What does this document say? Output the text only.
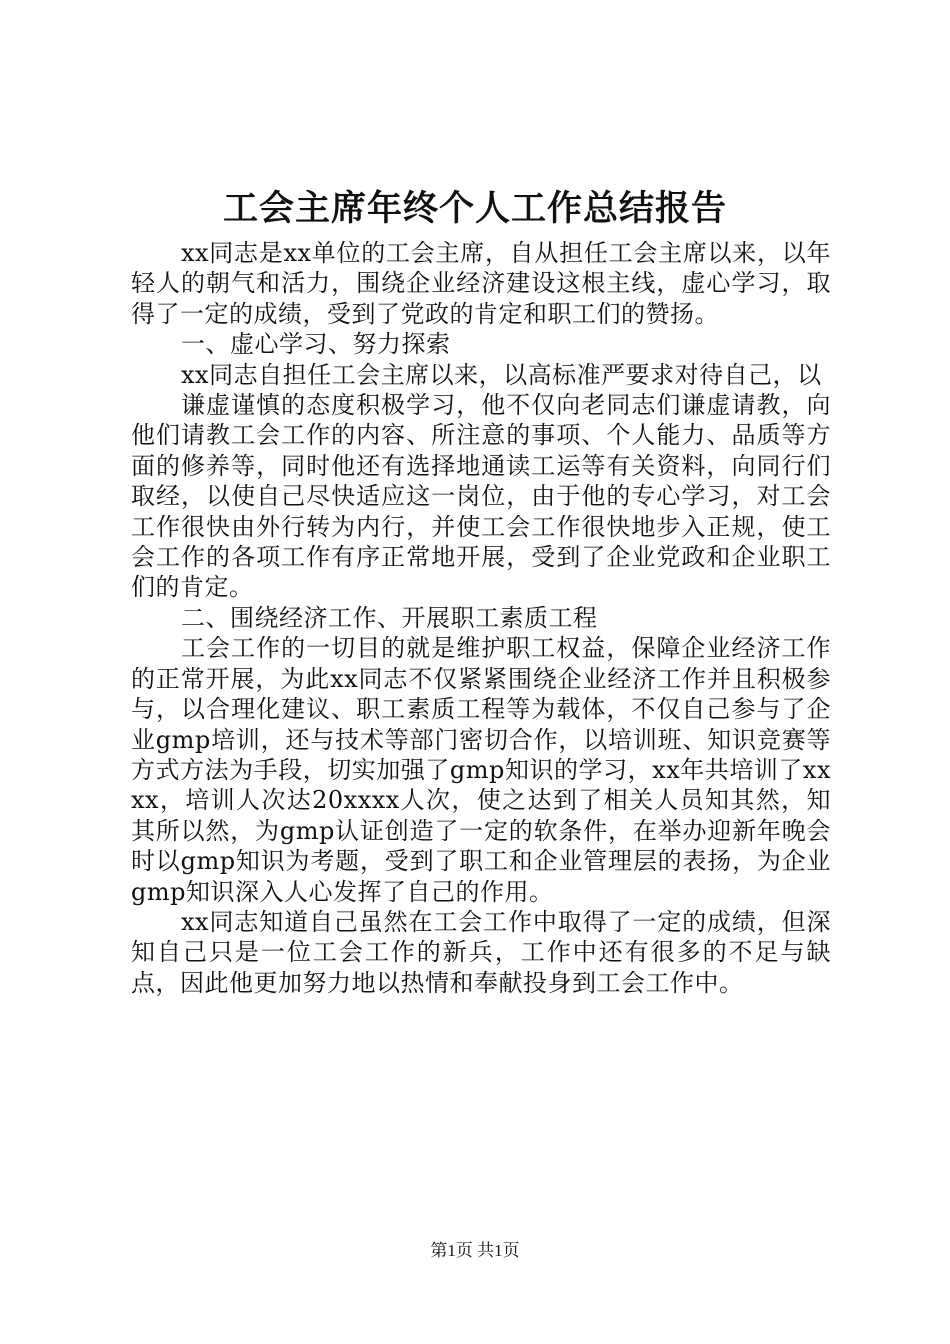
工会主席年终个人工作总结报告

xx同志是xx单位的工会主席，自从担任工会主席以来，以年轻人的朝气和活力，围绕企业经济建设这根主线，虚心学习，取得了一定的成绩，受到了党政的肯定和职工们的赞扬。

一、虚心学习、努力探索

xx同志自担任工会主席以来，以高标准严要求对待自己，以

谦虚谨慎的态度积极学习，他不仅向老同志们谦虚请教，向他们请教工会工作的内容、所注意的事项、个人能力、品质等方面的修养等，同时他还有选择地通读工运等有关资料，向同行们取经，以使自己尽快适应这一岗位，由于他的专心学习，对工会工作很快由外行转为内行，并使工会工作很快地步入正规，使工会工作的各项工作有序正常地开展，受到了企业党政和企业职工们的肯定。

二、围绕经济工作、开展职工素质工程

工会工作的一切目的就是维护职工权益，保障企业经济工作的正常开展，为此xx同志不仅紧紧围绕企业经济工作并且积极参与，以合理化建议、职工素质工程等为载体，不仅自己参与了企业gmp培训，还与技术等部门密切合作，以培训班、知识竞赛等方式方法为手段，切实加强了gmp知识的学习，xx年共培训了xxxx，培训人次达20xxxx人次，使之达到了相关人员知其然，知其所以然，为gmp认证创造了一定的软条件，在举办迎新年晚会时以gmp知识为考题，受到了职工和企业管理层的表扬，为企业gmp知识深入人心发挥了自己的作用。

xx同志知道自己虽然在工会工作中取得了一定的成绩，但深知自己只是一位工会工作的新兵，工作中还有很多的不足与缺点，因此他更加努力地以热情和奉献投身到工会工作中。

第1页 共1页
